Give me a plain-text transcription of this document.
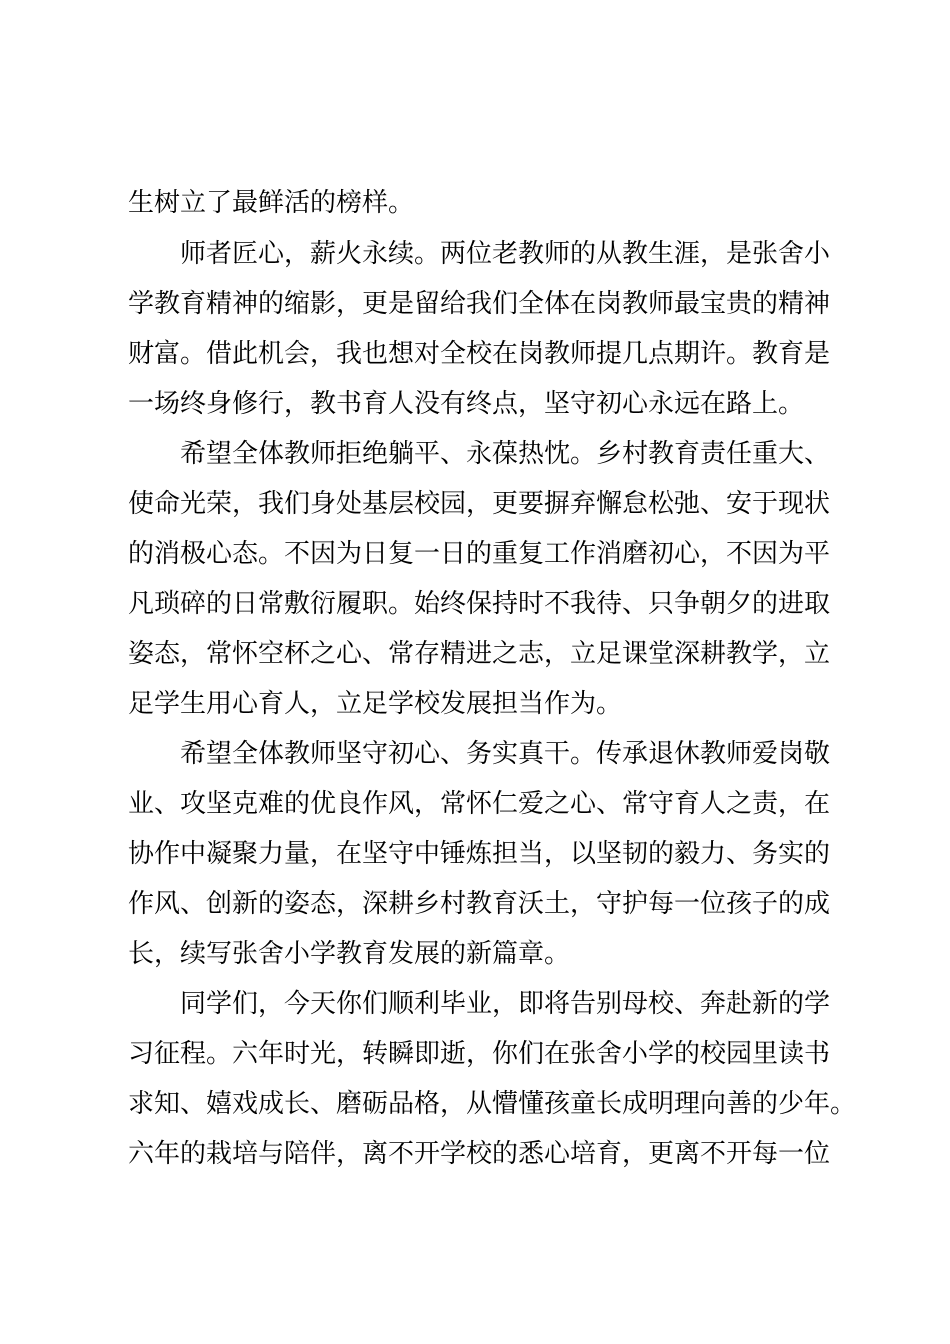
生树立了最鲜活的榜样。

师者匠心，薪火永续。两位老教师的从教生涯，是张舍小

学教育精神的缩影，更是留给我们全体在岗教师最宝贵的精神

财富。借此机会，我也想对全校在岗教师提几点期许。教育是

一场终身修行，教书育人没有终点，坚守初心永远在路上。

希望全体教师拒绝躺平、永葆热忱。乡村教育责任重大、

使命光荣，我们身处基层校园，更要摒弃懈怠松弛、安于现状

的消极心态。不因为日复一日的重复工作消磨初心，不因为平

凡琐碎的日常敷衍履职。始终保持时不我待、只争朝夕的进取

姿态，常怀空杯之心、常存精进之志，立足课堂深耕教学，立

足学生用心育人，立足学校发展担当作为。

希望全体教师坚守初心、务实真干。传承退休教师爱岗敬

业、攻坚克难的优良作风，常怀仁爱之心、常守育人之责，在

协作中凝聚力量，在坚守中锤炼担当，以坚韧的毅力、务实的

作风、创新的姿态，深耕乡村教育沃土，守护每一位孩子的成

长，续写张舍小学教育发展的新篇章。

同学们，今天你们顺利毕业，即将告别母校、奔赴新的学

习征程。六年时光，转瞬即逝，你们在张舍小学的校园里读书

求知、嬉戏成长、磨砺品格，从懵懂孩童长成明理向善的少年。

六年的栽培与陪伴，离不开学校的悉心培育，更离不开每一位
